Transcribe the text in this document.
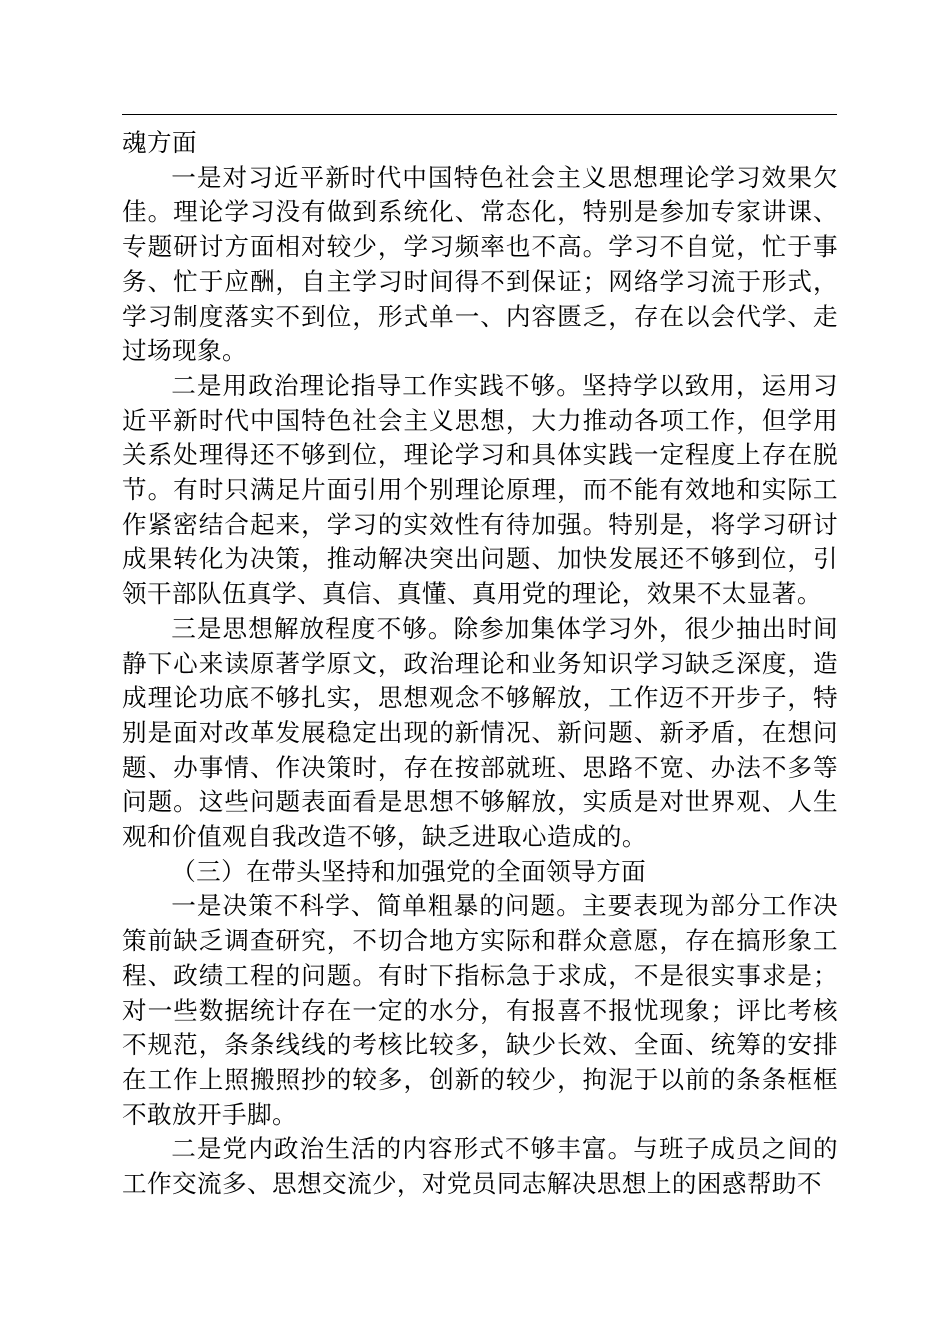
魂方面

一是对习近平新时代中国特色社会主义思想理论学习效果欠佳。理论学习没有做到系统化、常态化，特别是参加专家讲课、专题研讨方面相对较少，学习频率也不高。学习不自觉，忙于事务、忙于应酬，自主学习时间得不到保证；网络学习流于形式，学习制度落实不到位，形式单一、内容匮乏，存在以会代学、走过场现象。

二是用政治理论指导工作实践不够。坚持学以致用，运用习近平新时代中国特色社会主义思想，大力推动各项工作，但学用关系处理得还不够到位，理论学习和具体实践一定程度上存在脱节。有时只满足片面引用个别理论原理，而不能有效地和实际工作紧密结合起来，学习的实效性有待加强。特别是，将学习研讨成果转化为决策，推动解决突出问题、加快发展还不够到位，引领干部队伍真学、真信、真懂、真用党的理论，效果不太显著。

三是思想解放程度不够。除参加集体学习外，很少抽出时间静下心来读原著学原文，政治理论和业务知识学习缺乏深度，造成理论功底不够扎实，思想观念不够解放，工作迈不开步子，特别是面对改革发展稳定出现的新情况、新问题、新矛盾，在想问题、办事情、作决策时，存在按部就班、思路不宽、办法不多等问题。这些问题表面看是思想不够解放，实质是对世界观、人生观和价值观自我改造不够，缺乏进取心造成的。

（三）在带头坚持和加强党的全面领导方面

一是决策不科学、简单粗暴的问题。主要表现为部分工作决策前缺乏调查研究，不切合地方实际和群众意愿，存在搞形象工程、政绩工程的问题。有时下指标急于求成，不是很实事求是；对一些数据统计存在一定的水分，有报喜不报忧现象；评比考核不规范，条条线线的考核比较多，缺少长效、全面、统筹的安排在工作上照搬照抄的较多，创新的较少，拘泥于以前的条条框框不敢放开手脚。

二是党内政治生活的内容形式不够丰富。与班子成员之间的工作交流多、思想交流少，对党员同志解决思想上的困惑帮助不
